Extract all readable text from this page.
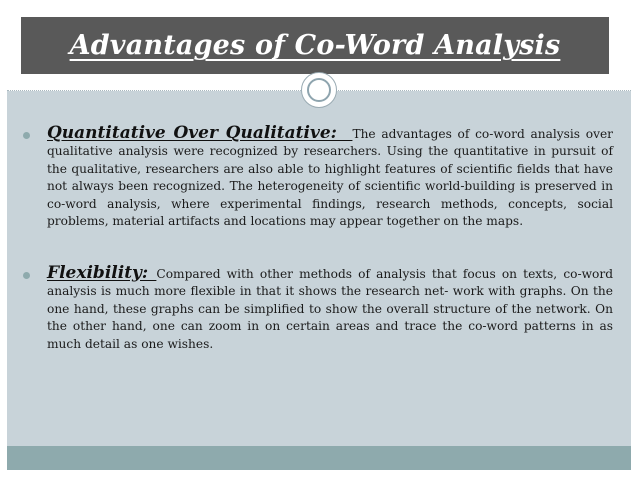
Advantages of Co-Word Analysis
Quantitative Over Qualitative:  The advantages of co-word analysis over qualitative analysis were recognized by researchers. Using the quantitative in pursuit of the qualitative, researchers are also able to highlight features of scientific fields that have not always been recognized. The heterogeneity of scientific world-building is preserved in co-word analysis, where experimental findings, research methods, concepts, social problems, material artifacts and locations may appear together on the maps.
Flexibility: Compared with other methods of analysis that focus on texts, co-word analysis is much more flexible in that it shows the research net- work with graphs. On the one hand, these graphs can be simplified to show the overall structure of the network. On the other hand, one can zoom in on certain areas and trace the co-word patterns in as much detail as one wishes.
